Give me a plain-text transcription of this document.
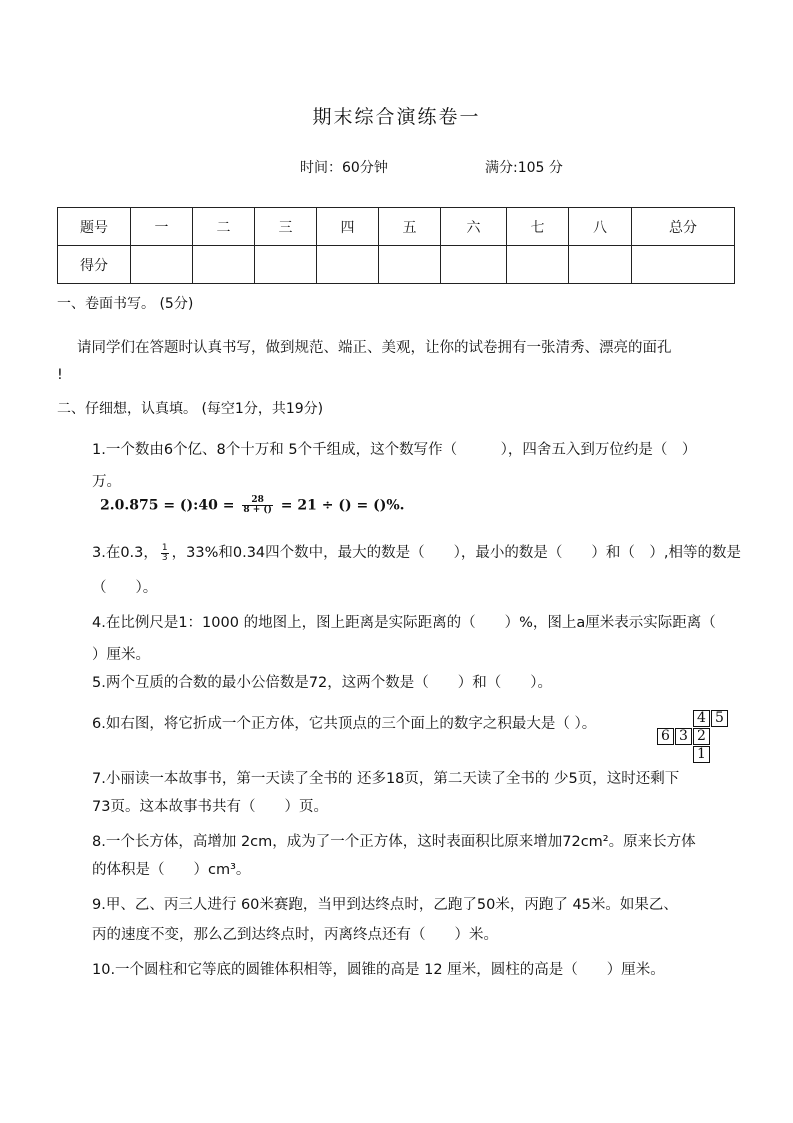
期末综合演练卷一
时间：60分钟	满分:105 分
题号	一	二	三	四	五	六	七	八	总分
得分									
一、卷面书写。 (5分)
请同学们在答题时认真书写，做到规范、端正、美观，让你的试卷拥有一张清秀、漂亮的面孔
!
二、仔细想，认真填。 (每空1分，共19分)
1.一个数由6个亿、8个十万和 5个千组成，这个数写作（　　　），四舍五入到万位约是（　）
万。
2.0.875 = ():40 = $\frac{28}{8 + ()} = 21$ ÷ () = ()%.
3.在0.3， $\frac{1}{3}$ ，33%和0.34四个数中，最大的数是（　　），最小的数是（　　）和（　）,相等的数是
（　　）。
4.在比例尺是1：1000 的地图上，图上距离是实际距离的（　　）%，图上a厘米表示实际距离（
）厘米。
5.两个互质的合数的最小公倍数是72，这两个数是（　　）和（　　）。
6.如右图，将它折成一个正方体，它共顶点的三个面上的数字之积最大是（ ）。	4 5
6 3 2
1
7.小丽读一本故事书，第一天读了全书的 还多18页，第二天读了全书的 少5页，这时还剩下
73页。这本故事书共有（　　）页。
8.一个长方体，高增加 2cm，成为了一个正方体，这时表面积比原来增加72cm²。原来长方体
的体积是（　　）cm³。
9.甲、乙、丙三人进行 60米赛跑，当甲到达终点时，乙跑了50米，丙跑了 45米。如果乙、
丙的速度不变，那么乙到达终点时，丙离终点还有（　　）米。
10.一个圆柱和它等底的圆锥体积相等，圆锥的高是 12 厘米，圆柱的高是（　　）厘米。
